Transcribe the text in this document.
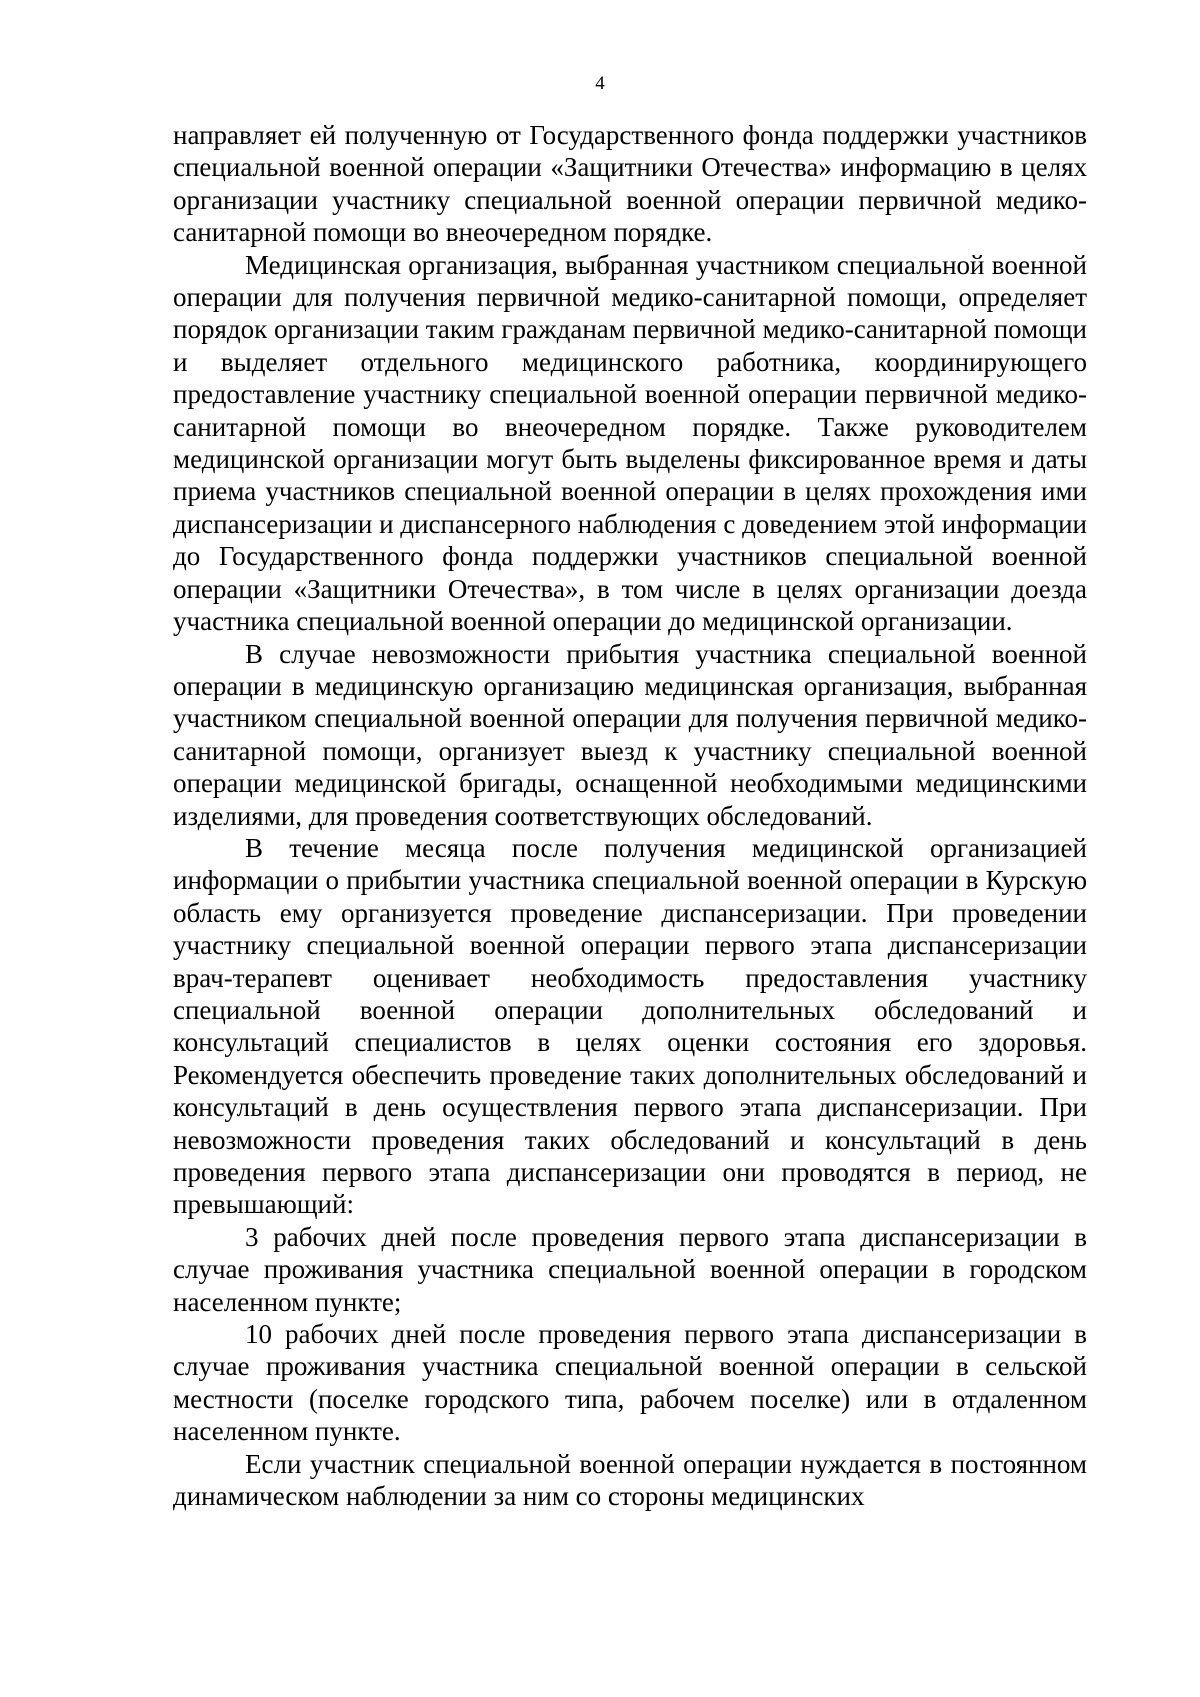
4

направляет ей полученную от Государственного фонда поддержки участников специальной военной операции «Защитники Отечества» информацию в целях организации участнику специальной военной операции первичной медико-санитарной помощи во внеочередном порядке.

Медицинская организация, выбранная участником специальной военной операции для получения первичной медико-санитарной помощи, определяет порядок организации таким гражданам первичной медико-санитарной помощи и выделяет отдельного медицинского работника, координирующего предоставление участнику специальной военной операции первичной медико-санитарной помощи во внеочередном порядке. Также руководителем медицинской организации могут быть выделены фиксированное время и даты приема участников специальной военной операции в целях прохождения ими диспансеризации и диспансерного наблюдения с доведением этой информации до Государственного фонда поддержки участников специальной военной операции «Защитники Отечества», в том числе в целях организации доезда участника специальной военной операции до медицинской организации.

В случае невозможности прибытия участника специальной военной операции в медицинскую организацию медицинская организация, выбранная участником специальной военной операции для получения первичной медико-санитарной помощи, организует выезд к участнику специальной военной операции медицинской бригады, оснащенной необходимыми медицинскими изделиями, для проведения соответствующих обследований.

В течение месяца после получения медицинской организацией информации о прибытии участника специальной военной операции в Курскую область ему организуется проведение диспансеризации. При проведении участнику специальной военной операции первого этапа диспансеризации врач-терапевт оценивает необходимость предоставления участнику специальной военной операции дополнительных обследований и консультаций специалистов в целях оценки состояния его здоровья. Рекомендуется обеспечить проведение таких дополнительных обследований и консультаций в день осуществления первого этапа диспансеризации. При невозможности проведения таких обследований и консультаций в день проведения первого этапа диспансеризации они проводятся в период, не превышающий:

3 рабочих дней после проведения первого этапа диспансеризации в случае проживания участника специальной военной операции в городском населенном пункте;

10 рабочих дней после проведения первого этапа диспансеризации в случае проживания участника специальной военной операции в сельской местности (поселке городского типа, рабочем поселке) или в отдаленном населенном пункте.

Если участник специальной военной операции нуждается в постоянном динамическом наблюдении за ним со стороны медицинских
